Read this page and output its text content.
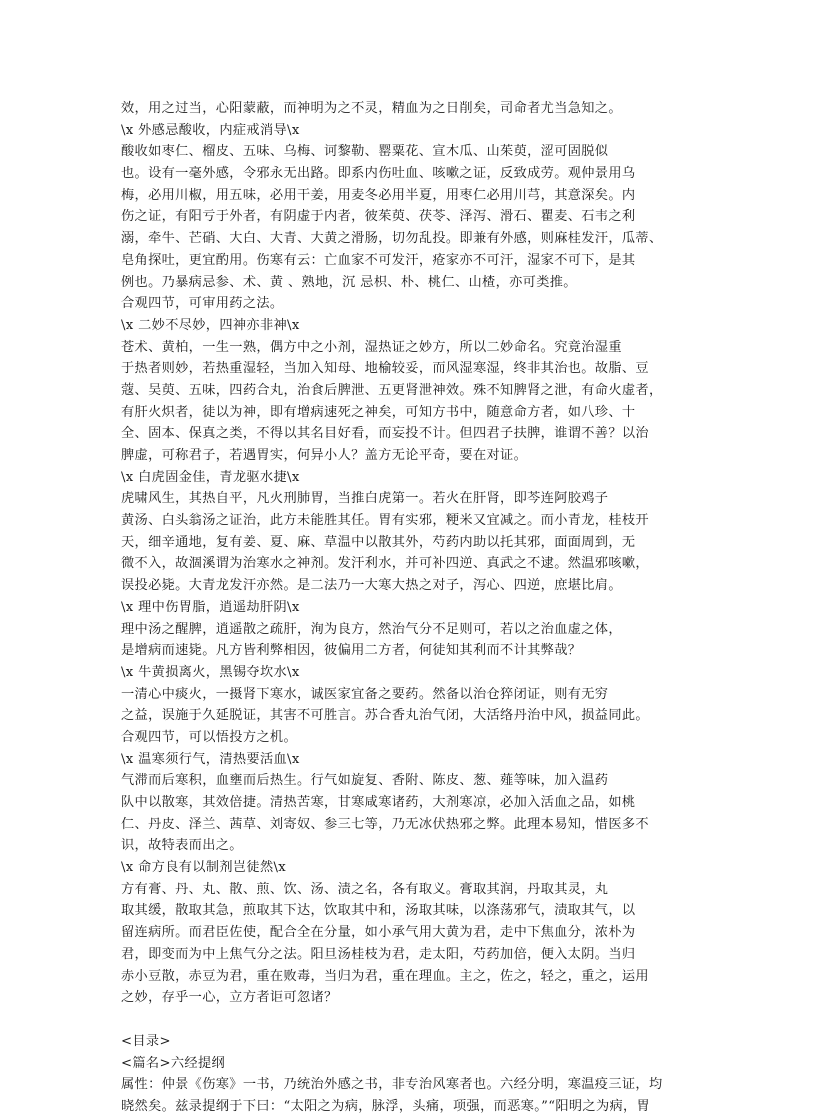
效，用之过当，心阳蒙蔽，而神明为之不灵，精血为之日削矣，司命者尤当急知之。
\x 外感忌酸收，内症戒消导\x
酸收如枣仁、榴皮、五味、乌梅、诃黎勒、罂粟花、宣木瓜、山茱萸，涩可固脱似
也。设有一毫外感，令邪永无出路。即系内伤吐血、咳嗽之证，反致成劳。观仲景用乌
梅，必用川椒，用五味，必用干姜，用麦冬必用半夏，用枣仁必用川芎，其意深矣。内
伤之证，有阳亏于外者，有阴虚于内者，彼茱萸、茯苓、泽泻、滑石、瞿麦、石韦之利
溺，牵牛、芒硝、大白、大青、大黄之滑肠，切勿乱投。即兼有外感，则麻桂发汗，瓜蒂、
皂角探吐，更宜酌用。伤寒有云：亡血家不可发汗，疮家亦不可汗，湿家不可下，是其
例也。乃暴病忌参、术、黄 、熟地，沉 忌枳、朴、桃仁、山楂，亦可类推。
合观四节，可审用药之法。
\x 二妙不尽妙，四神亦非神\x
苍术、黄柏，一生一熟，偶方中之小剂，湿热证之妙方，所以二妙命名。究竟治湿重
于热者则妙，若热重湿轻，当加入知母、地榆较妥，而风湿寒湿，终非其治也。故脂、豆
蔻、吴萸、五味，四药合丸，治食后脾泄、五更肾泄神效。殊不知脾肾之泄，有命火虚者，
有肝火炽者，徒以为神，即有增病速死之神矣，可知方书中，随意命方者，如八珍、十
全、固本、保真之类，不得以其名目好看，而妄投不计。但四君子扶脾，谁谓不善？以治
脾虚，可称君子，若遇胃实，何异小人？盖方无论平奇，要在对证。
\x 白虎固金佳，青龙驱水捷\x
虎啸风生，其热自平，凡火刑肺胃，当推白虎第一。若火在肝肾，即芩连阿胶鸡子
黄汤、白头翁汤之证治，此方未能胜其任。胃有实邪，粳米又宜减之。而小青龙，桂枝开
天，细辛通地，复有姜、夏、麻、草温中以散其外，芍药内助以托其邪，面面周到，无
微不入，故涸溪谓为治寒水之神剂。发汗利水，并可补四逆、真武之不逮。然温邪咳嗽，
误投必毙。大青龙发汗亦然。是二法乃一大寒大热之对子，泻心、四逆，庶堪比肩。
\x 理中伤胃脂，逍遥劫肝阴\x
理中汤之醒脾，逍遥散之疏肝，洵为良方，然治气分不足则可，若以之治血虚之体，
是增病而速毙。凡方皆利弊相因，彼偏用二方者，何徒知其利而不计其弊哉？
\x 牛黄损离火，黑锡夺坎水\x
一清心中痰火，一摄肾下寒水，诚医家宜备之要药。然备以治仓猝闭证，则有无穷
之益，误施于久延脱证，其害不可胜言。苏合香丸治气闭，大活络丹治中风，损益同此。
合观四节，可以悟投方之机。
\x 温寒须行气，清热要活血\x
气滞而后寒积，血壅而后热生。行气如旋复、香附、陈皮、葱、薤等味，加入温药
队中以散寒，其效倍捷。清热苦寒，甘寒咸寒诸药，大剂寒凉，必加入活血之品，如桃
仁、丹皮、泽兰、茜草、刘寄奴、参三七等，乃无冰伏热邪之弊。此理本易知，惜医多不
识，故特表而出之。
\x 命方良有以制剂岂徒然\x
方有膏、丹、丸、散、煎、饮、汤、渍之名，各有取义。膏取其润，丹取其灵，丸
取其缓，散取其急，煎取其下达，饮取其中和，汤取其味，以涤荡邪气，渍取其气，以
留连病所。而君臣佐使，配合全在分量，如小承气用大黄为君，走中下焦血分，浓朴为
君，即变而为中上焦气分之法。阳旦汤桂枝为君，走太阳，芍药加倍，便入太阴。当归
赤小豆散，赤豆为君，重在败毒，当归为君，重在理血。主之，佐之，轻之，重之，运用
之妙，存乎一心，立方者讵可忽诸？
<目录>
<篇名>六经提纲
属性：仲景《伤寒》一书，乃统治外感之书，非专治风寒者也。六经分明，寒温疫三证，均
晓然矣。兹录提纲于下曰：“太阳之为病，脉浮，头痛，项强，而恶寒。”“阳明之为病，胃
